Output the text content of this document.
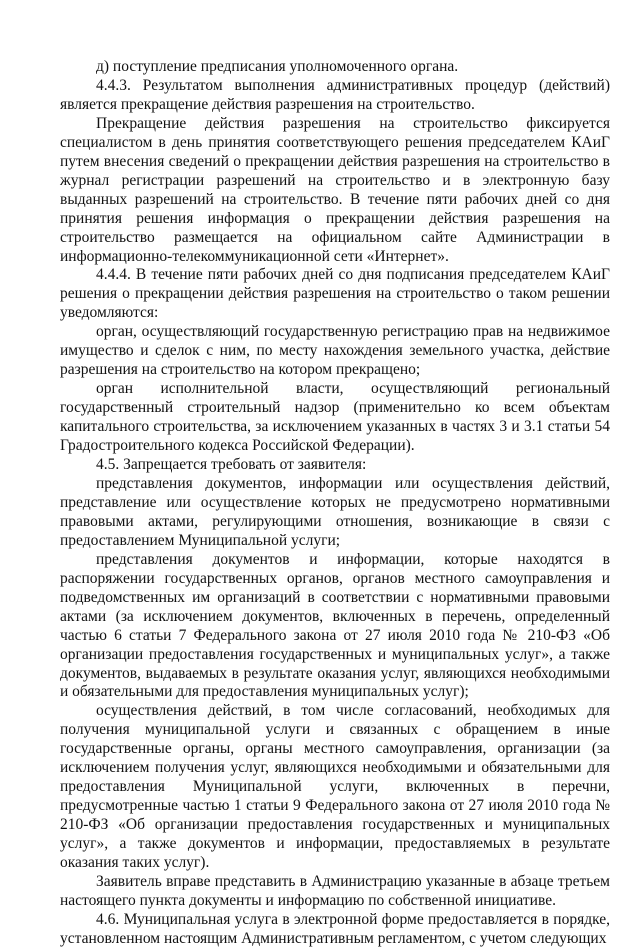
д) поступление предписания уполномоченного органа.

4.4.3. Результатом выполнения административных процедур (действий) является прекращение действия разрешения на строительство.

Прекращение действия разрешения на строительство фиксируется специалистом в день принятия соответствующего решения председателем КАиГ путем внесения сведений о прекращении действия разрешения на строительство в журнал регистрации разрешений на строительство и в электронную базу выданных разрешений на строительство. В течение пяти рабочих дней со дня принятия решения информация о прекращении действия разрешения на строительство размещается на официальном сайте Администрации в информационно-телекоммуникационной сети «Интернет».

4.4.4. В течение пяти рабочих дней со дня подписания председателем КАиГ решения о прекращении действия разрешения на строительство о таком решении уведомляются:

орган, осуществляющий государственную регистрацию прав на недвижимое имущество и сделок с ним, по месту нахождения земельного участка, действие разрешения на строительство на котором прекращено;

орган исполнительной власти, осуществляющий региональный государственный строительный надзор (применительно ко всем объектам капитального строительства, за исключением указанных в частях 3 и 3.1 статьи 54 Градостроительного кодекса Российской Федерации).

4.5. Запрещается требовать от заявителя:

представления документов, информации или осуществления действий, представление или осуществление которых не предусмотрено нормативными правовыми актами, регулирующими отношения, возникающие в связи с предоставлением Муниципальной услуги;

представления документов и информации, которые находятся в распоряжении государственных органов, органов местного самоуправления и подведомственных им организаций в соответствии с нормативными правовыми актами (за исключением документов, включенных в перечень, определенный частью 6 статьи 7 Федерального закона от 27 июля 2010 года № 210-ФЗ «Об организации предоставления государственных и муниципальных услуг», а также документов, выдаваемых в результате оказания услуг, являющихся необходимыми и обязательными для предоставления муниципальных услуг);

осуществления действий, в том числе согласований, необходимых для получения муниципальной услуги и связанных с обращением в иные государственные органы, органы местного самоуправления, организации (за исключением получения услуг, являющихся необходимыми и обязательными для предоставления Муниципальной услуги, включенных в перечни, предусмотренные частью 1 статьи 9 Федерального закона от 27 июля 2010 года № 210-ФЗ «Об организации предоставления государственных и муниципальных услуг», а также документов и информации, предоставляемых в результате оказания таких услуг).

Заявитель вправе представить в Администрацию указанные в абзаце третьем настоящего пункта документы и информацию по собственной инициативе.

4.6. Муниципальная услуга в электронной форме предоставляется в порядке, установленном настоящим Административным регламентом, с учетом следующих
